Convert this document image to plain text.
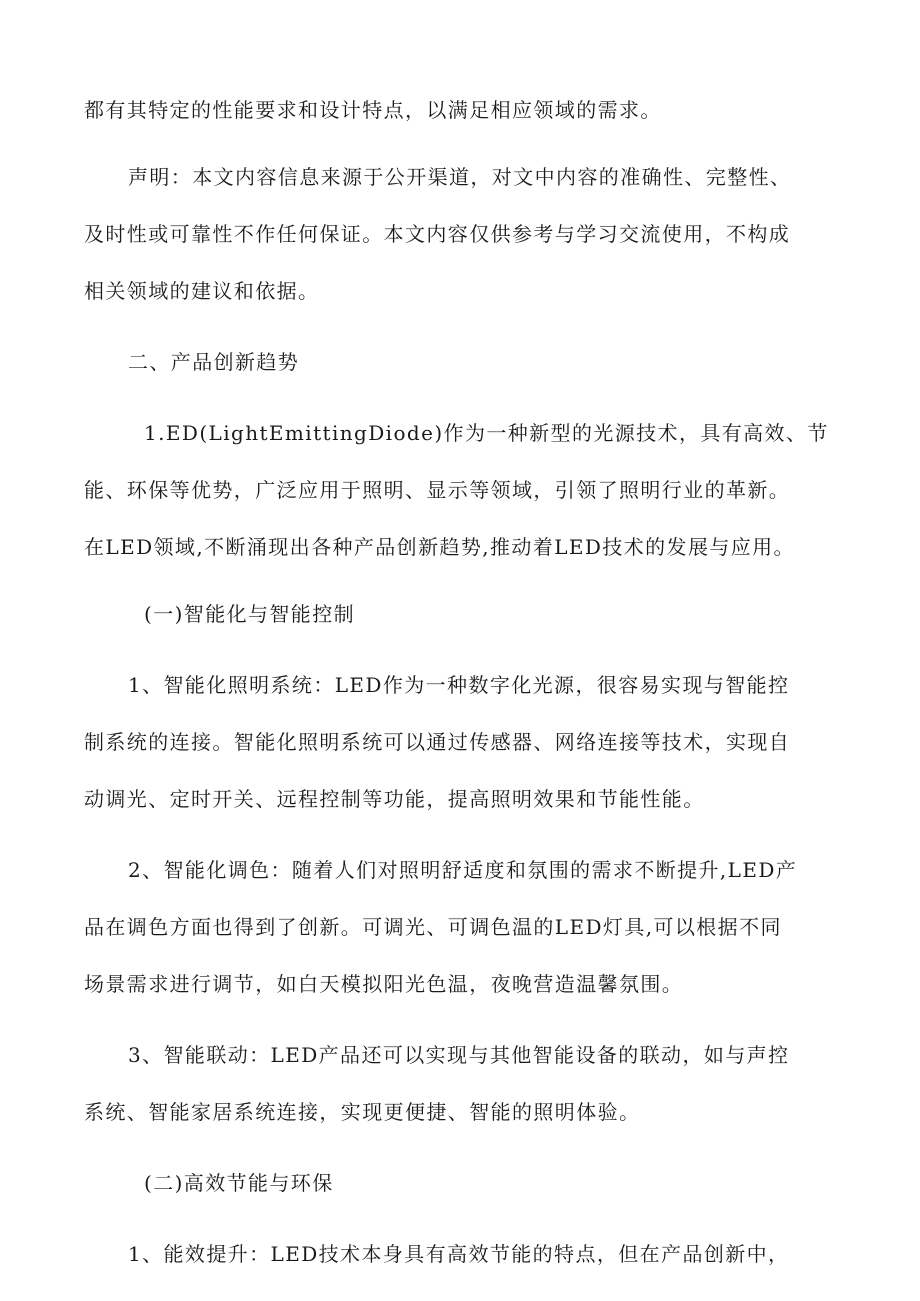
都有其特定的性能要求和设计特点，以满足相应领域的需求。
声明：本文内容信息来源于公开渠道，对文中内容的准确性、完整性、
及时性或可靠性不作任何保证。本文内容仅供参考与学习交流使用，不构成
相关领域的建议和依据。
二、产品创新趋势
1.ED(LightEmittingDiode)作为一种新型的光源技术，具有高效、节
能、环保等优势，广泛应用于照明、显示等领域，引领了照明行业的革新。
在LED领域,不断涌现出各种产品创新趋势,推动着LED技术的发展与应用。
(一)智能化与智能控制
1、智能化照明系统：LED作为一种数字化光源，很容易实现与智能控
制系统的连接。智能化照明系统可以通过传感器、网络连接等技术，实现自
动调光、定时开关、远程控制等功能，提高照明效果和节能性能。
2、智能化调色：随着人们对照明舒适度和氛围的需求不断提升,LED产
品在调色方面也得到了创新。可调光、可调色温的LED灯具,可以根据不同
场景需求进行调节，如白天模拟阳光色温，夜晚营造温馨氛围。
3、智能联动：LED产品还可以实现与其他智能设备的联动，如与声控
系统、智能家居系统连接，实现更便捷、智能的照明体验。
(二)高效节能与环保
1、能效提升：LED技术本身具有高效节能的特点，但在产品创新中，
